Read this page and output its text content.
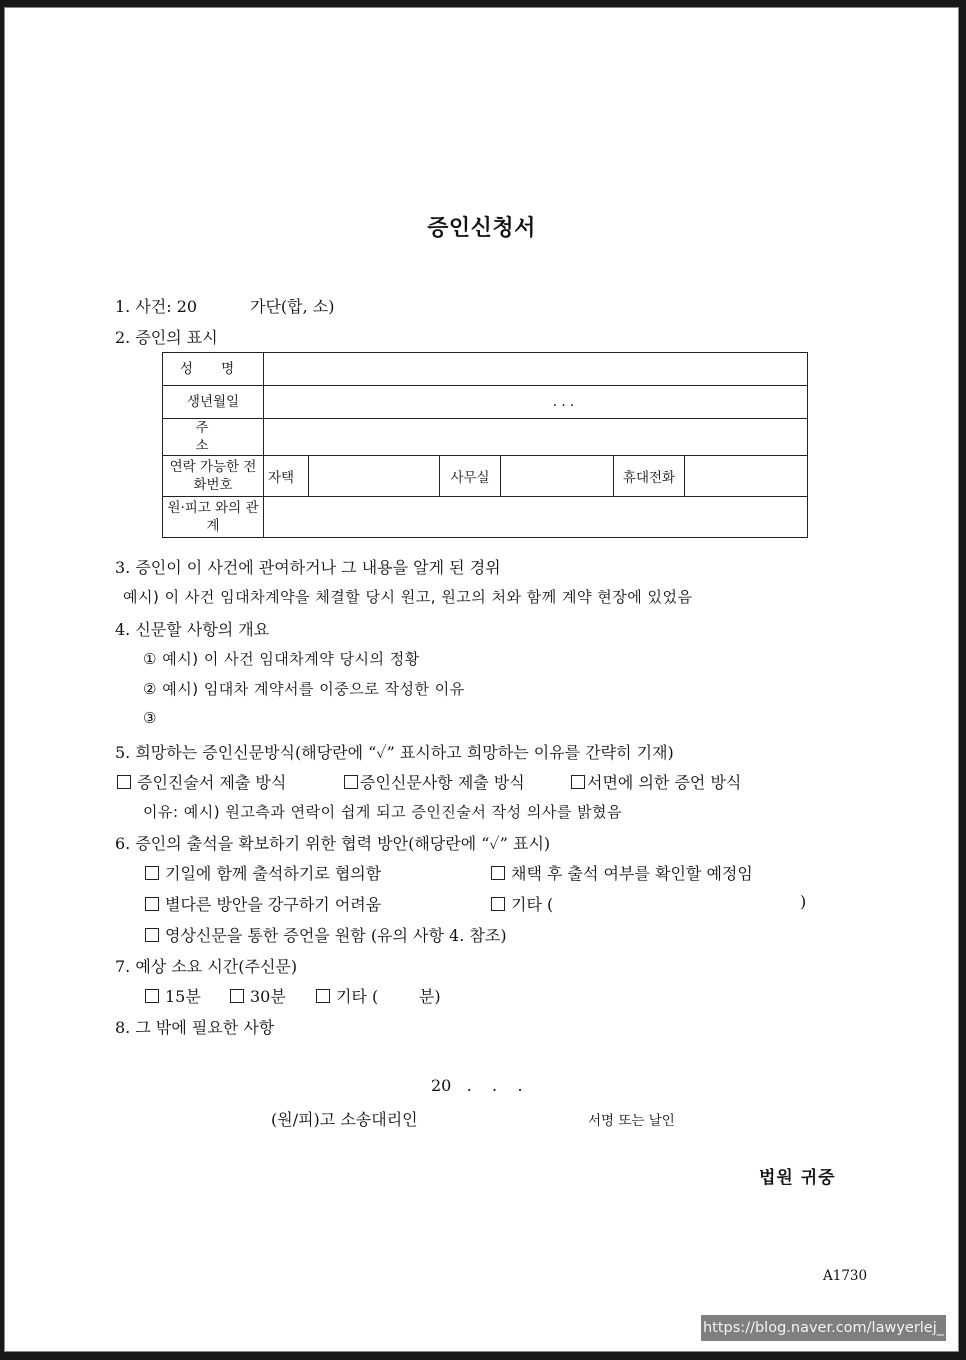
증인신청서
1. 사건: 20	가단(합, 소)
2. 증인의 표시
성 명						
생년월일	. . .					
주 소						
연락 가능한 전화번호	자택		사무실		휴대전화	
원·피고 와의 관계						
3. 증인이 이 사건에 관여하거나 그 내용을 알게 된 경위
예시) 이 사건 임대차계약을 체결할 당시 원고, 원고의 처와 함께 계약 현장에 있었음
4. 신문할 사항의 개요
① 예시) 이 사건 임대차계약 당시의 정황
② 예시) 임대차 계약서를 이중으로 작성한 이유
③
5. 희망하는 증인신문방식(해당란에 “✓” 표시하고 희망하는 이유를 간략히 기재)
증인진술서 제출 방식	증인신문사항 제출 방식	서면에 의한 증언 방식
이유: 예시) 원고측과 연락이 쉽게 되고 증인진술서 작성 의사를 밝혔음
6. 증인의 출석을 확보하기 위한 협력 방안(해당란에 “✓” 표시)
기일에 함께 출석하기로 협의함	채택 후 출석 여부를 확인할 예정임
별다른 방안을 강구하기 어려움	기타 (	)
영상신문을 통한 증언을 원함 (유의 사항 4. 참조)
7. 예상 소요 시간(주신문)
15분	30분	기타 (        분)
8. 그 밖에 필요한 사항
20   .    .    .
(원/피)고 소송대리인	서명 또는 날인
법원 귀중
A1730
https://blog.naver.com/lawyerlej_
